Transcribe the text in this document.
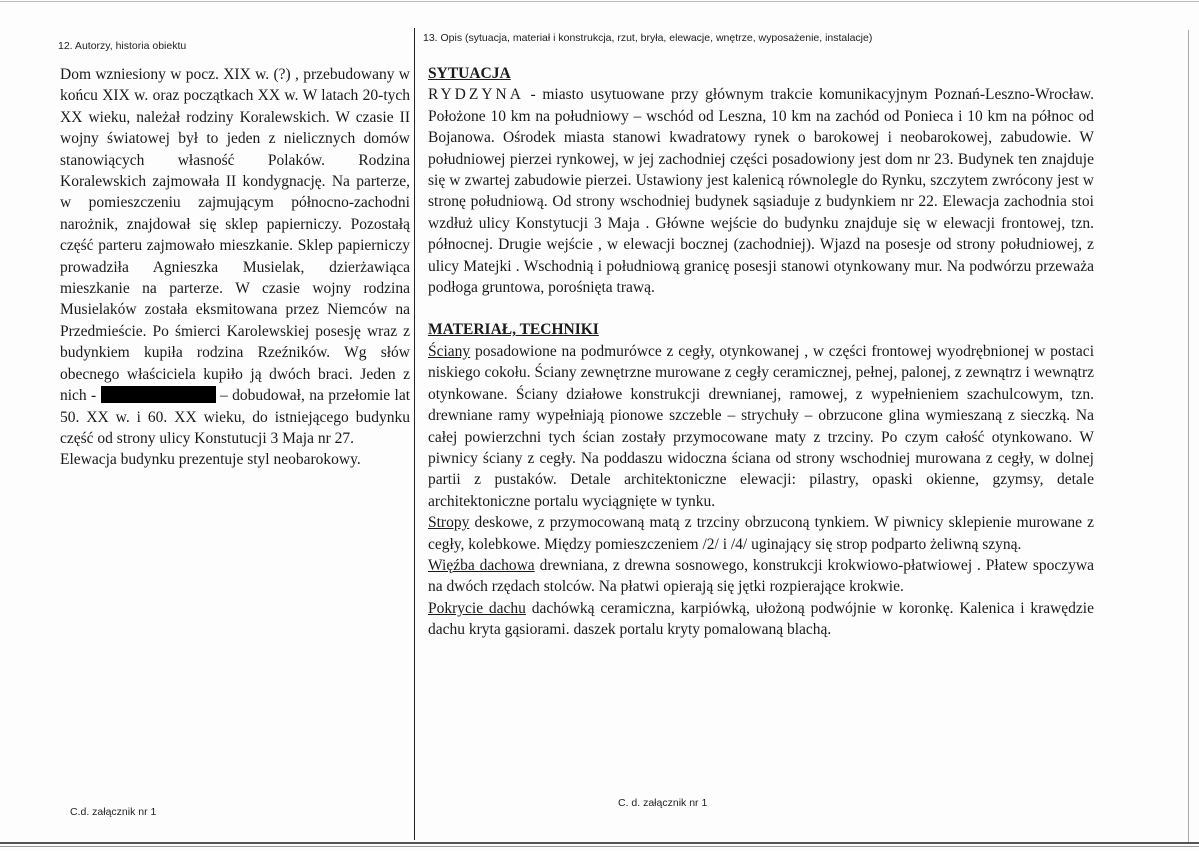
12. Autorzy, historia obiektu
13. Opis (sytuacja, materiał i konstrukcja, rzut, bryła, elewacje, wnętrze, wyposażenie, instalacje)

Dom wzniesiony w pocz. XIX w. (?) , przebudowany w końcu XIX w. oraz początkach XX w. W latach 20-tych XX wieku, należał rodziny Koralewskich. W czasie II wojny światowej był to jeden z nielicznych domów stanowiących własność Polaków. Rodzina Koralewskich zajmowała II kondygnację. Na parterze, w pomieszczeniu zajmującym północno-zachodni narożnik, znajdował się sklep papierniczy. Pozostałą część parteru zajmowało mieszkanie. Sklep papierniczy prowadziła Agnieszka Musielak, dzierżawiąca mieszkanie na parterze. W czasie wojny rodzina Musielaków została eksmitowana przez Niemców na Przedmieście. Po śmierci Karolewskiej posesję wraz z budynkiem kupiła rodzina Rzeźników. Wg słów obecnego właściciela kupiło ją dwóch braci. Jeden z nich -	– dobudował, na przełomie lat 50. XX w. i 60. XX wieku, do istniejącego budynku część od strony ulicy Konstutucji 3 Maja nr 27.

Elewacja budynku prezentuje styl neobarokowy.

SYTUACJA

RYDZYNA - miasto usytuowane przy głównym trakcie komunikacyjnym Poznań-Leszno-Wrocław. Położone 10 km na południowy – wschód od Leszna, 10 km na zachód od Ponieca i 10 km na północ od Bojanowa. Ośrodek miasta stanowi kwadratowy rynek o barokowej i neobarokowej, zabudowie. W południowej pierzei rynkowej, w jej zachodniej części posadowiony jest dom nr 23. Budynek ten znajduje się w zwartej zabudowie pierzei. Ustawiony jest kalenicą równolegle do Rynku, szczytem zwrócony jest w stronę południową. Od strony wschodniej budynek sąsiaduje z budynkiem nr 22. Elewacja zachodnia stoi wzdłuż ulicy Konstytucji 3 Maja . Główne wejście do budynku znajduje się w elewacji frontowej, tzn. północnej. Drugie wejście , w elewacji bocznej (zachodniej). Wjazd na posesje od strony południowej, z ulicy Matejki . Wschodnią i południową granicę posesji stanowi otynkowany mur. Na podwórzu przeważa podłoga gruntowa, porośnięta trawą.

MATERIAŁ, TECHNIKI

Ściany posadowione na podmurówce z cegły, otynkowanej , w części frontowej wyodrębnionej w postaci niskiego cokołu. Ściany zewnętrzne murowane z cegły ceramicznej, pełnej, palonej, z zewnątrz i wewnątrz otynkowane. Ściany działowe konstrukcji drewnianej, ramowej, z wypełnieniem szachulcowym, tzn. drewniane ramy wypełniają pionowe szczeble – strychuły – obrzucone glina wymieszaną z sieczką. Na całej powierzchni tych ścian zostały przymocowane maty z trzciny. Po czym całość otynkowano. W piwnicy ściany z cegły. Na poddaszu widoczna ściana od strony wschodniej murowana z cegły, w dolnej partii z pustaków. Detale architektoniczne elewacji: pilastry, opaski okienne, gzymsy, detale architektoniczne portalu wyciągnięte w tynku.

Stropy deskowe, z przymocowaną matą z trzciny obrzuconą tynkiem. W piwnicy sklepienie murowane z cegły, kolebkowe. Między pomieszczeniem /2/ i /4/ uginający się strop podparto żeliwną szyną.

Więźba dachowa drewniana, z drewna sosnowego, konstrukcji krokwiowo-płatwiowej . Płatew spoczywa na dwóch rzędach stolców. Na płatwi opierają się jętki rozpierające krokwie.

Pokrycie dachu dachówką ceramiczna, karpiówką, ułożoną podwójnie w koronkę. Kalenica i krawędzie dachu kryta gąsiorami. daszek portalu kryty pomalowaną blachą.

C.d. załącznik nr 1
C. d. załącznik nr 1
